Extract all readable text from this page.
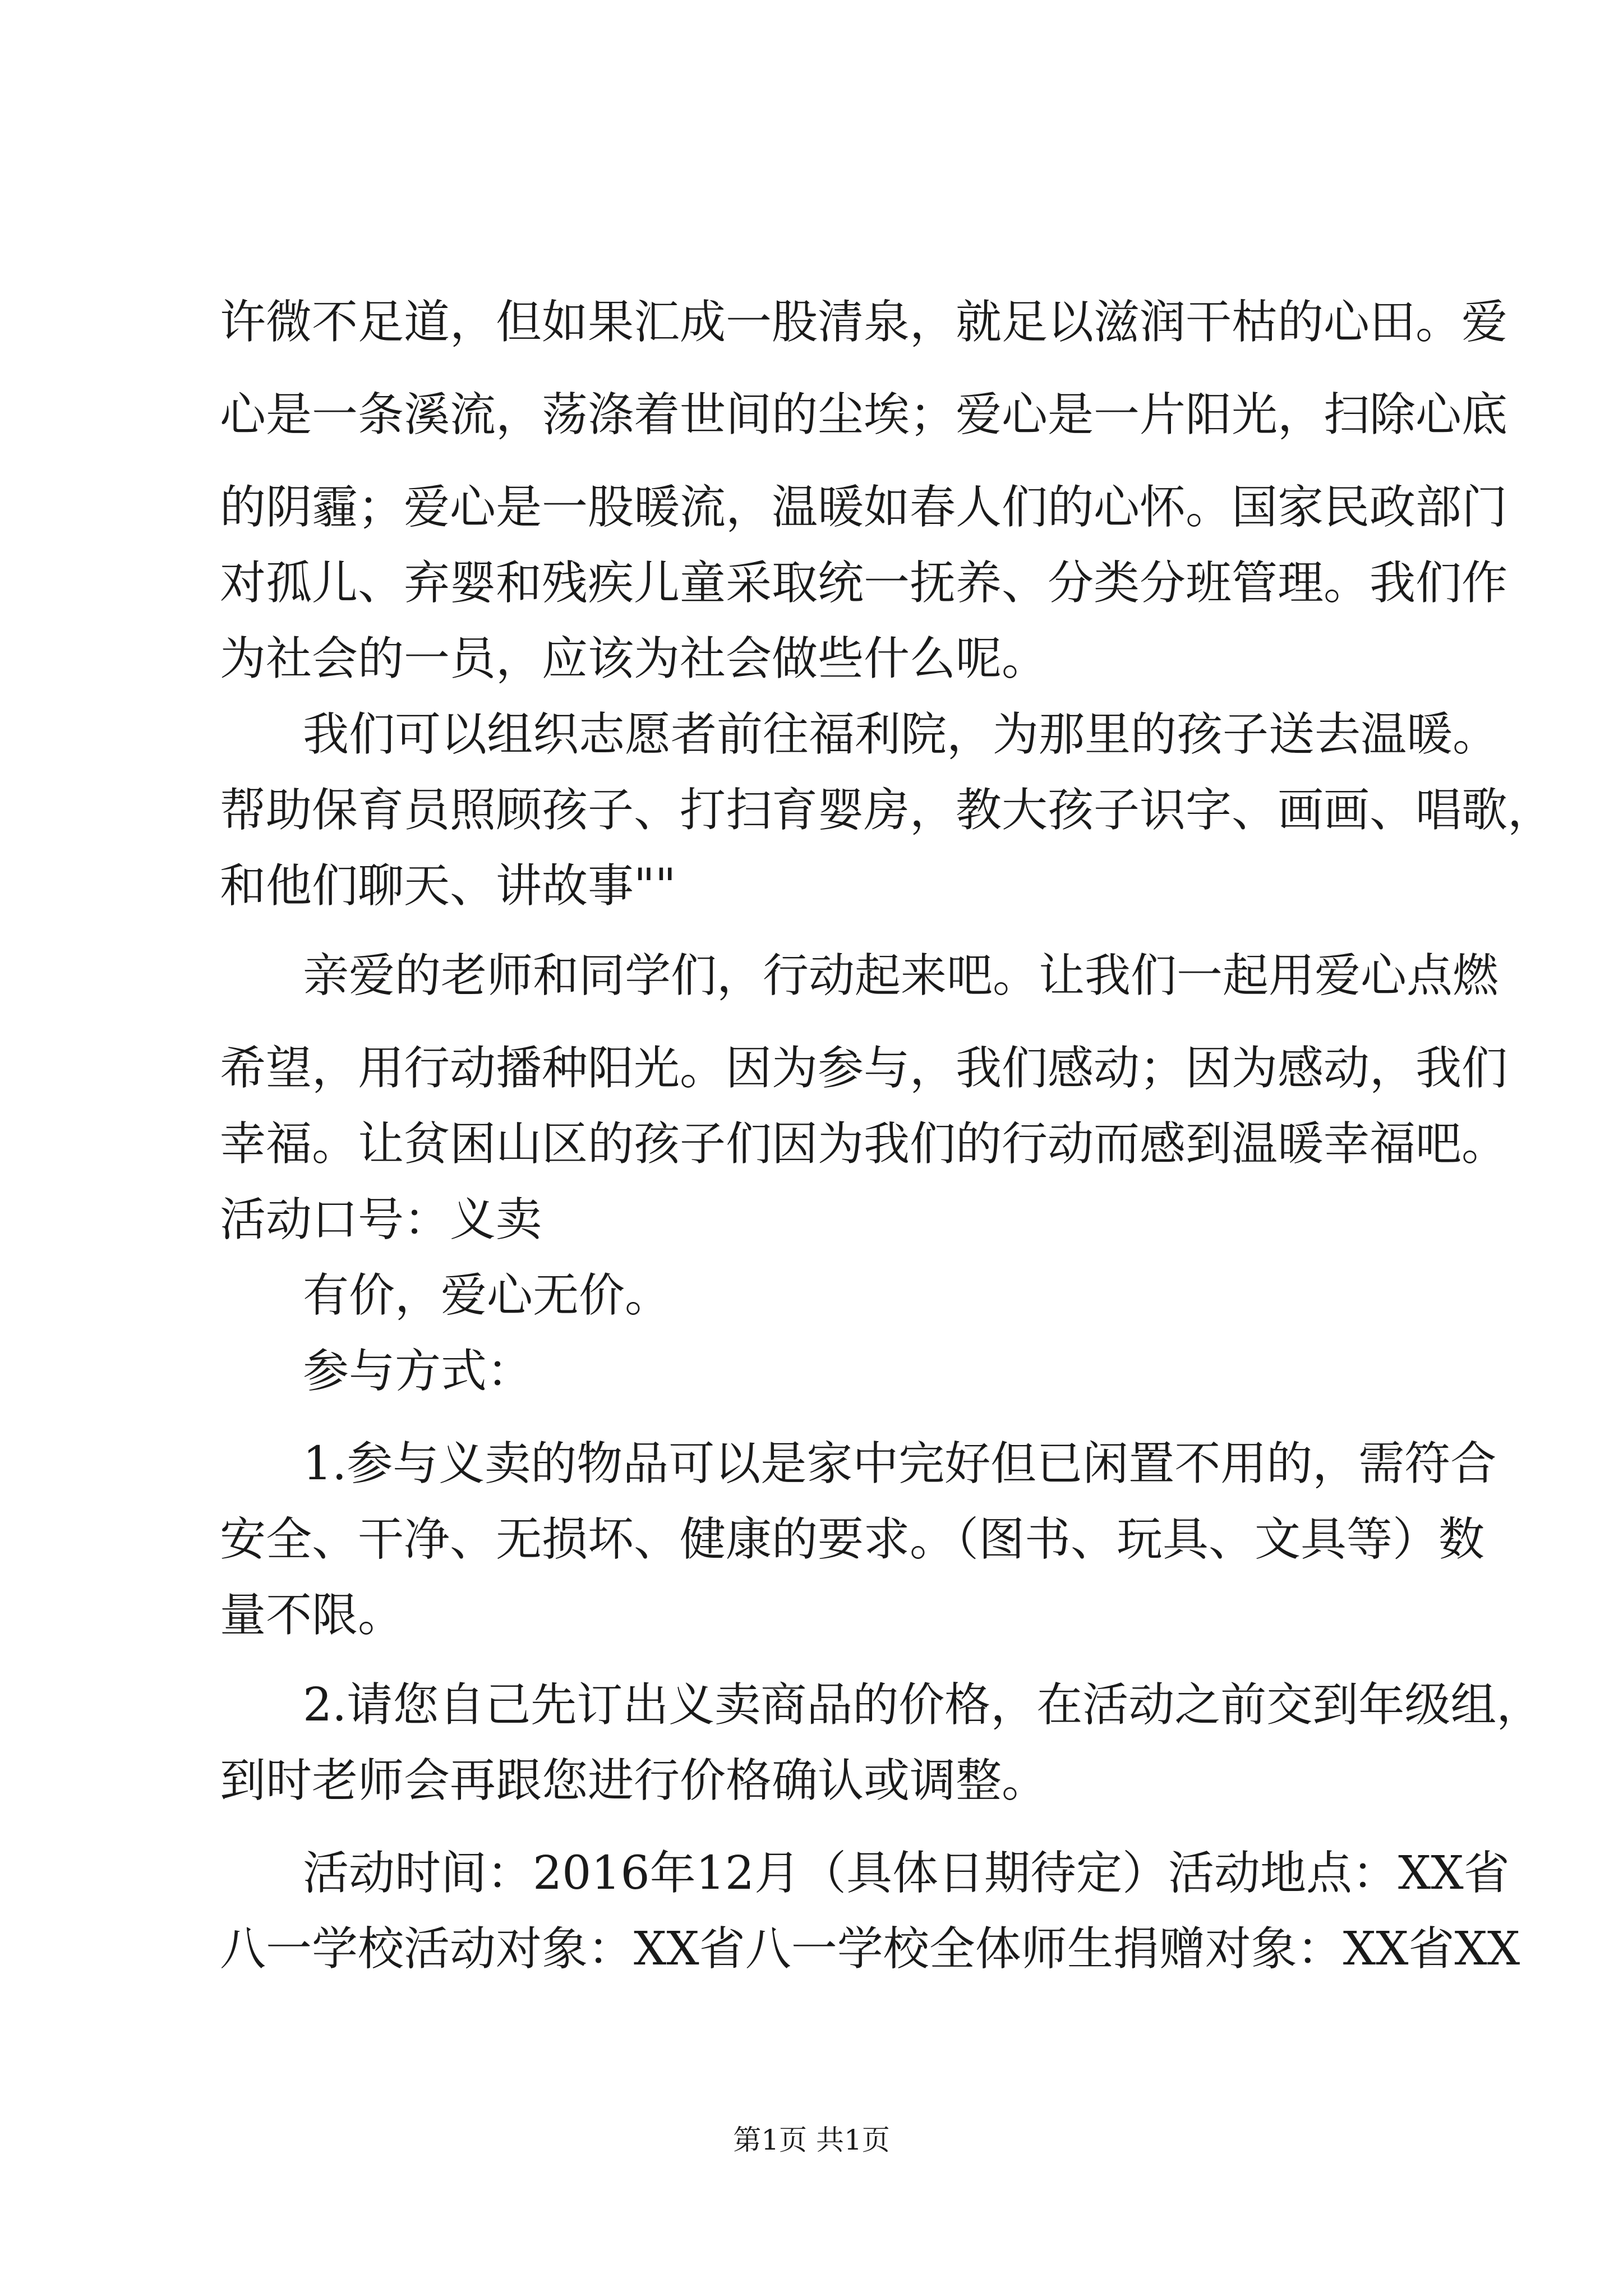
许微不足道，但如果汇成一股清泉，就足以滋润干枯的心田。爱
心是一条溪流，荡涤着世间的尘埃；爱心是一片阳光，扫除心底
的阴霾；爱心是一股暖流，温暖如春人们的心怀。国家民政部门
对孤儿、弃婴和残疾儿童采取统一抚养、分类分班管理。我们作
为社会的一员，应该为社会做些什么呢。
我们可以组织志愿者前往福利院，为那里的孩子送去温暖。
帮助保育员照顾孩子、打扫育婴房，教大孩子识字、画画、唱歌，
和他们聊天、讲故事""
亲爱的老师和同学们，行动起来吧。让我们一起用爱心点燃
希望，用行动播种阳光。因为参与，我们感动；因为感动，我们
幸福。让贫困山区的孩子们因为我们的行动而感到温暖幸福吧。
活动口号：义卖
有价，爱心无价。
参与方式：
1.参与义卖的物品可以是家中完好但已闲置不用的，需符合
安全、干净、无损坏、健康的要求。（图书、玩具、文具等）数
量不限。
2.请您自己先订出义卖商品的价格，在活动之前交到年级组，
到时老师会再跟您进行价格确认或调整。
活动时间：2016年12月（具体日期待定）活动地点：XX省
八一学校活动对象：XX省八一学校全体师生捐赠对象：XX省XX
第1页 共1页
